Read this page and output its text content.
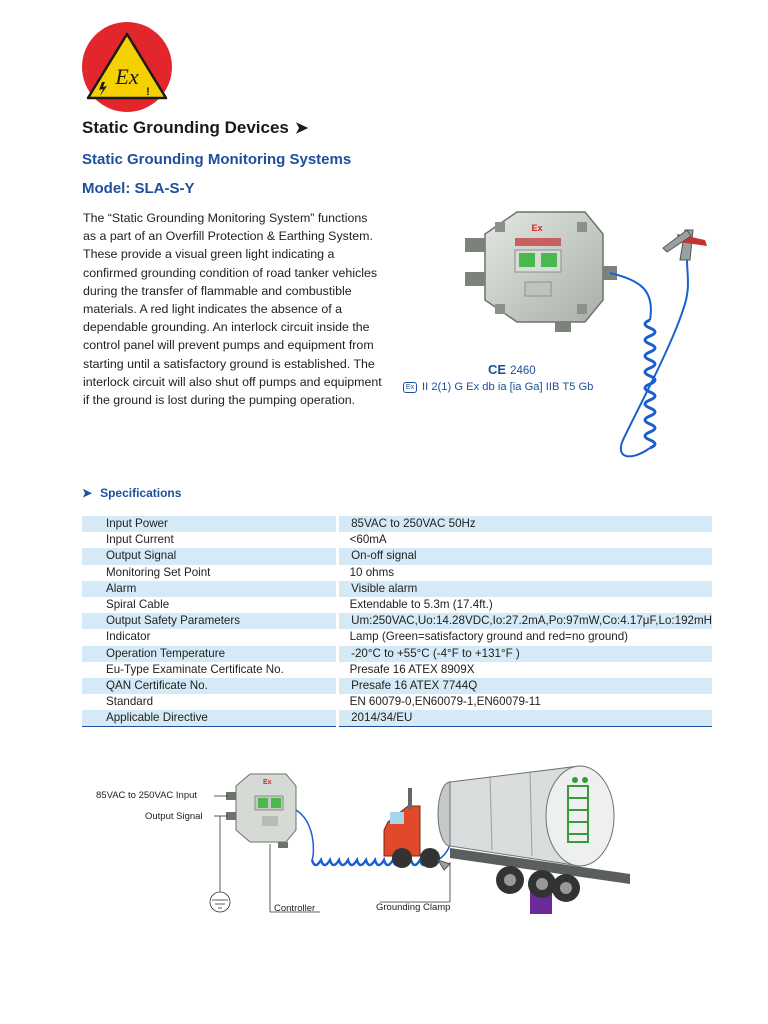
Ex
!
Static Grounding Devices ➤
Static Grounding Monitoring Systems
Model: SLA-S-Y

The “Static Grounding Monitoring System” functions as a part of an Overfill Protection & Earthing System. These provide a visual green light indicating a confirmed grounding condition of road tanker vehicles during the transfer of flammable and combustible materials. A red light indicates the absence of a dependable grounding. An interlock circuit inside the control panel will prevent pumps and equipment from starting until a satisfactory ground is established. The interlock circuit will also shut off pumps and equipment if the ground is lost during the pumping operation.

Ex
CE 2460
Ex II 2(1) G Ex db ia [ia Ga] IIB T5 Gb
➤ Specifications
Input Power	85VAC to 250VAC 50Hz
Input Current	<60mA
Output Signal	On-off signal
Monitoring Set Point	10 ohms
Alarm	Visible alarm
Spiral Cable	Extendable to 5.3m (17.4ft.)
Output Safety Parameters	Um:250VAC,Uo:14.28VDC,Io:27.2mA,Po:97mW,Co:4.17μF,Lo:192mH
Indicator	Lamp (Green=satisfactory ground and red=no ground)
Operation Temperature	-20°C to +55°C (-4°F to +131°F )
Eu-Type Examinate Certificate No.	Presafe 16 ATEX 8909X
QAN Certificate No.	Presafe 16 ATEX 7744Q
Standard	EN 60079-0,EN60079-1,EN60079-11
Applicable Directive	2014/34/EU
85VAC to 250VAC Input
Output Signal
Controller	Grounding Clamp
Ex
